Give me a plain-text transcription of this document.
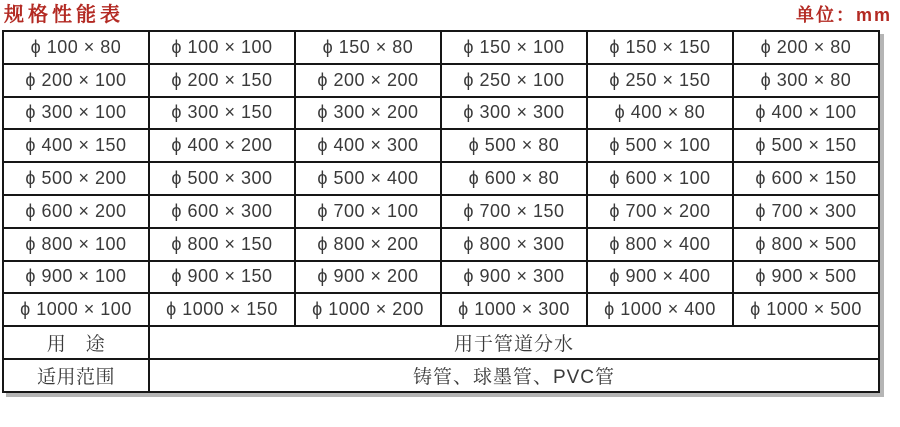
规格性能表	单位：mm
ϕ 100 × 80	ϕ 100 × 100	ϕ 150 × 80	ϕ 150 × 100	ϕ 150 × 150	ϕ 200 × 80
ϕ 200 × 100	ϕ 200 × 150	ϕ 200 × 200	ϕ 250 × 100	ϕ 250 × 150	ϕ 300 × 80
ϕ 300 × 100	ϕ 300 × 150	ϕ 300 × 200	ϕ 300 × 300	ϕ 400 × 80	ϕ 400 × 100
ϕ 400 × 150	ϕ 400 × 200	ϕ 400 × 300	ϕ 500 × 80	ϕ 500 × 100	ϕ 500 × 150
ϕ 500 × 200	ϕ 500 × 300	ϕ 500 × 400	ϕ 600 × 80	ϕ 600 × 100	ϕ 600 × 150
ϕ 600 × 200	ϕ 600 × 300	ϕ 700 × 100	ϕ 700 × 150	ϕ 700 × 200	ϕ 700 × 300
ϕ 800 × 100	ϕ 800 × 150	ϕ 800 × 200	ϕ 800 × 300	ϕ 800 × 400	ϕ 800 × 500
ϕ 900 × 100	ϕ 900 × 150	ϕ 900 × 200	ϕ 900 × 300	ϕ 900 × 400	ϕ 900 × 500
ϕ 1000 × 100	ϕ 1000 × 150	ϕ 1000 × 200	ϕ 1000 × 300	ϕ 1000 × 400	ϕ 1000 × 500
用　途	用于管道分水				
适用范围	铸管、球墨管、PVC管				
